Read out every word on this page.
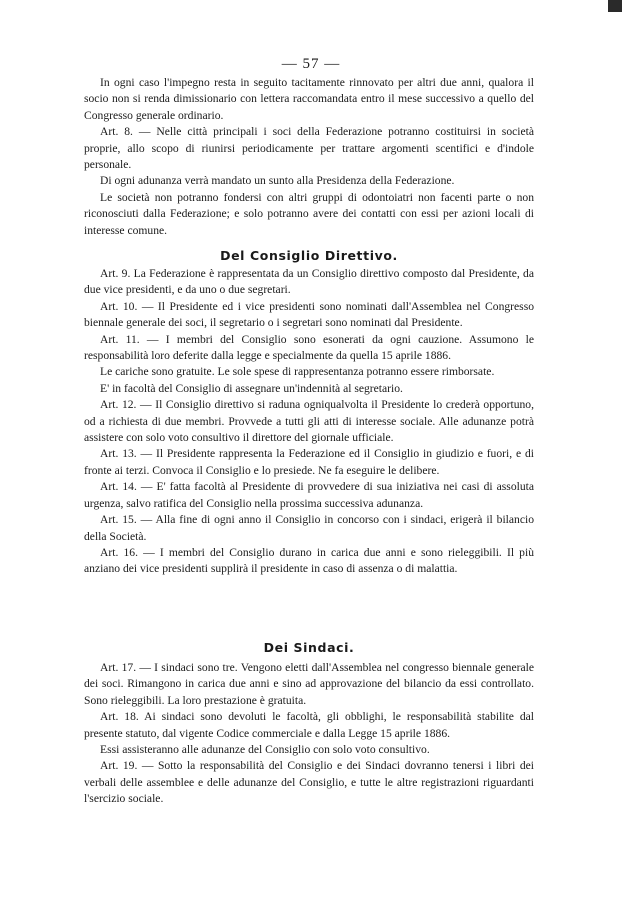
— 57 —

In ogni caso l'impegno resta in seguito tacitamente rinnovato per altri due anni, qualora il socio non si renda dimissionario con lettera raccomandata entro il mese successivo a quello del Congresso generale ordinario.

Art. 8. — Nelle città principali i soci della Federazione potranno costituirsi in società proprie, allo scopo di riunirsi periodicamente per trattare argomenti scentifici e d'indole personale.

Di ogni adunanza verrà mandato un sunto alla Presidenza della Federazione.

Le società non potranno fondersi con altri gruppi di odontoiatri non facenti parte o non riconosciuti dalla Federazione; e solo potranno avere dei contatti con essi per azioni locali di interesse comune.

Del Consiglio Direttivo.

Art. 9. La Federazione è rappresentata da un Consiglio direttivo composto dal Presidente, da due vice presidenti, e da uno o due segretari.

Art. 10. — Il Presidente ed i vice presidenti sono nominati dall'Assemblea nel Congresso biennale generale dei soci, il segretario o i segretari sono nominati dal Presidente.

Art. 11. — I membri del Consiglio sono esonerati da ogni cauzione. Assumono le responsabilità loro deferite dalla legge e specialmente da quella 15 aprile 1886.

Le cariche sono gratuite. Le sole spese di rappresentanza potranno essere rimborsate.

E' in facoltà del Consiglio di assegnare un'indennità al segretario.

Art. 12. — Il Consiglio direttivo si raduna ogniqualvolta il Presidente lo crederà opportuno, od a richiesta di due membri. Provvede a tutti gli atti di interesse sociale. Alle adunanze potrà assistere con solo voto consultivo il direttore del giornale ufficiale.

Art. 13. — Il Presidente rappresenta la Federazione ed il Consiglio in giudizio e fuori, e di fronte ai terzi. Convoca il Consiglio e lo presiede. Ne fa eseguire le delibere.

Art. 14. — E' fatta facoltà al Presidente di provvedere di sua iniziativa nei casi di assoluta urgenza, salvo ratifica del Consiglio nella prossima successiva adunanza.

Art. 15. — Alla fine di ogni anno il Consiglio in concorso con i sindaci, erigerà il bilancio della Società.

Art. 16. — I membri del Consiglio durano in carica due anni e sono rieleggibili. Il più anziano dei vice presidenti supplirà il presidente in caso di assenza o di malattia.

Dei Sindaci.

Art. 17. — I sindaci sono tre. Vengono eletti dall'Assemblea nel congresso biennale generale dei soci. Rimangono in carica due anni e sino ad approvazione del bilancio da essi controllato. Sono rieleggibili. La loro prestazione è gratuita.

Art. 18. Ai sindaci sono devoluti le facoltà, gli obblighi, le responsabilità stabilite dal presente statuto, dal vigente Codice commerciale e dalla Legge 15 aprile 1886.

Essi assisteranno alle adunanze del Consiglio con solo voto consultivo.

Art. 19. — Sotto la responsabilità del Consiglio e dei Sindaci dovranno tenersi i libri dei verbali delle assemblee e delle adunanze del Consiglio, e tutte le altre registrazioni riguardanti l'sercizio sociale.
